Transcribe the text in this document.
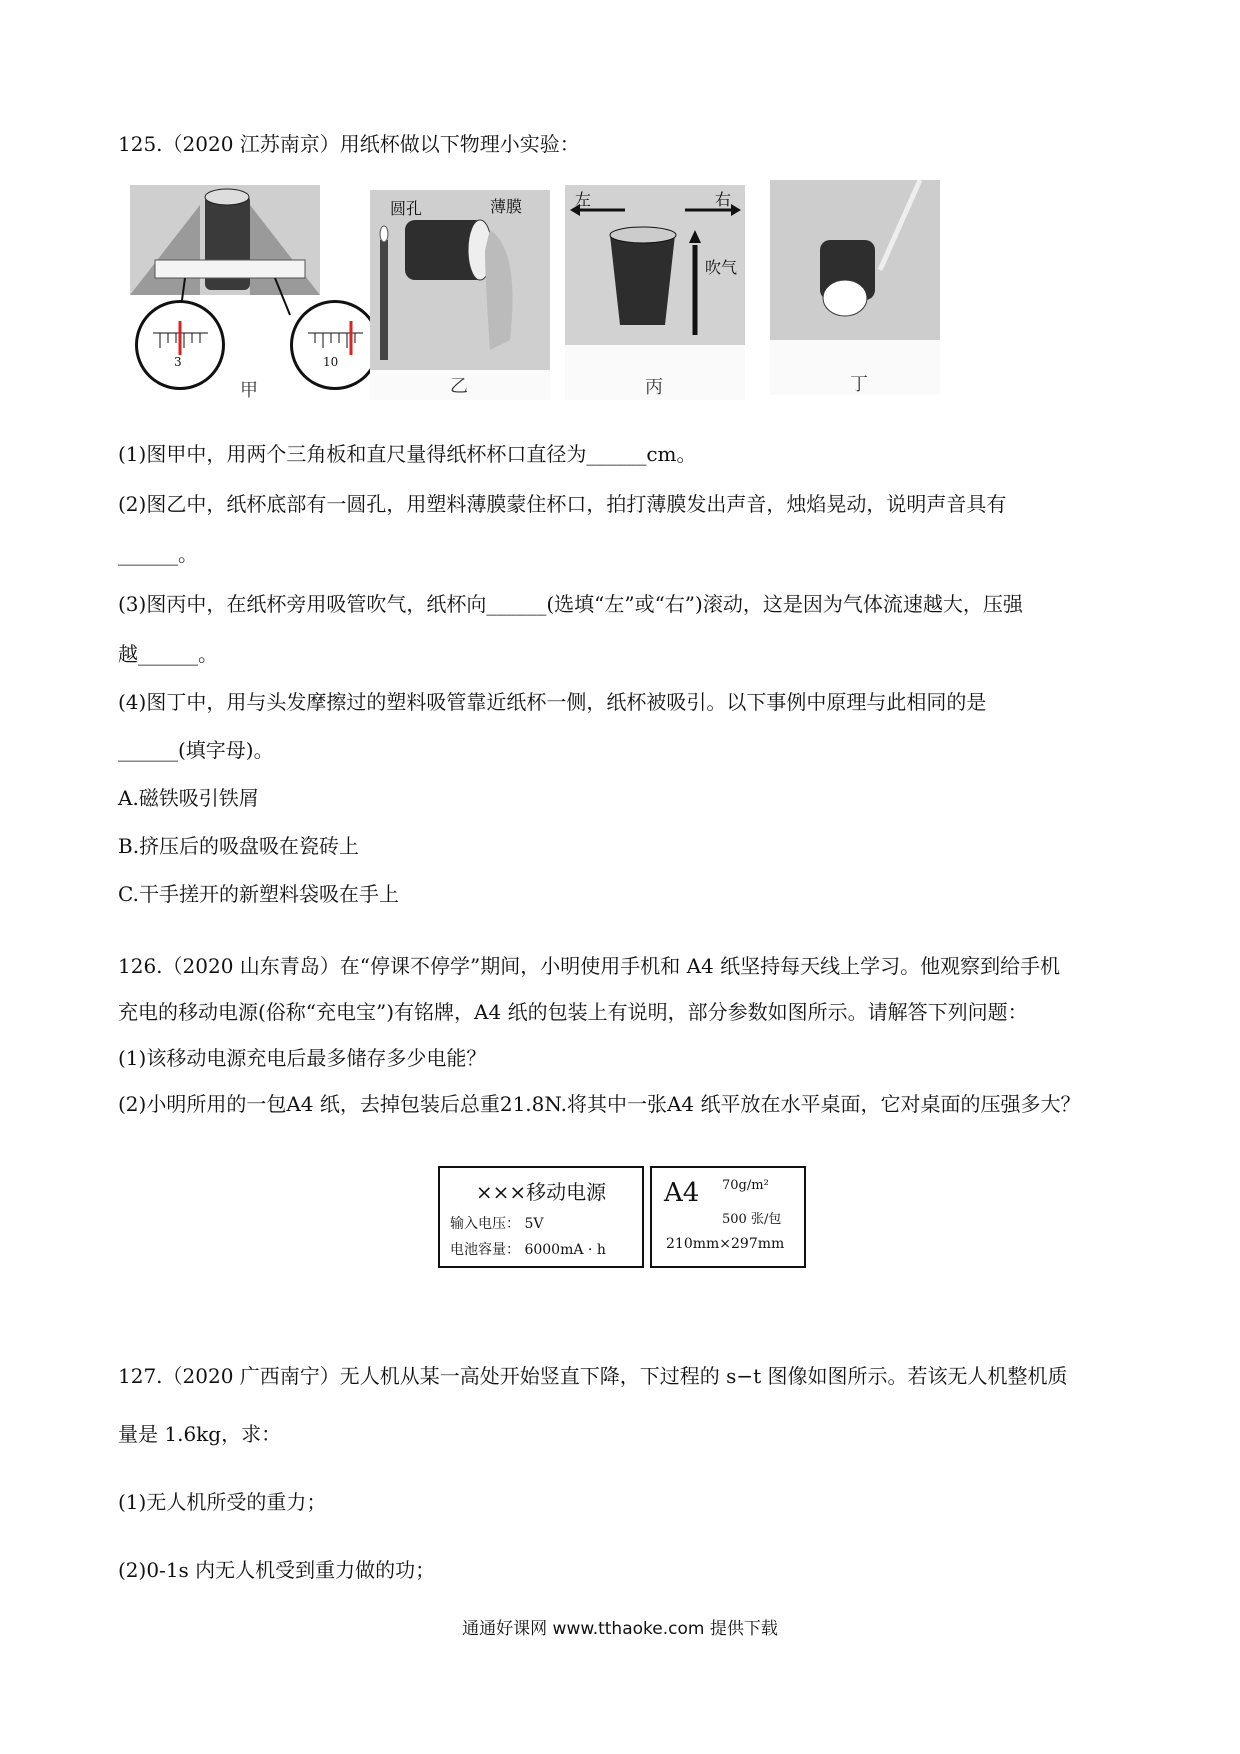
125.（2020 江苏南京）用纸杯做以下物理小实验：
3
甲
10
圆孔	薄膜
乙
左	右
吹气
丙	丁
(1)图甲中，用两个三角板和直尺量得纸杯杯口直径为______cm。
(2)图乙中，纸杯底部有一圆孔，用塑料薄膜蒙住杯口，拍打薄膜发出声音，烛焰晃动，说明声音具有
______。
(3)图丙中，在纸杯旁用吸管吹气，纸杯向______(选填“左”或“右”)滚动，这是因为气体流速越大，压强
越______。
(4)图丁中，用与头发摩擦过的塑料吸管靠近纸杯一侧，纸杯被吸引。以下事例中原理与此相同的是
______(填字母)。
A.磁铁吸引铁屑
B.挤压后的吸盘吸在瓷砖上
C.干手搓开的新塑料袋吸在手上
126.（2020 山东青岛）在“停课不停学”期间，小明使用手机和 A4 纸坚持每天线上学习。他观察到给手机
充电的移动电源(俗称“充电宝”)有铭牌，A4 纸的包装上有说明，部分参数如图所示。请解答下列问题：
(1)该移动电源充电后最多储存多少电能？
(2)小明所用的一包A4 纸，去掉包装后总重21.8N.将其中一张A4 纸平放在水平桌面，它对桌面的压强多大？
×××移动电源
输入电压： 5V
电池容量： 6000mA · h
A4 70g/m²
500 张/包
210mm×297mm
127.（2020 广西南宁）无人机从某一高处开始竖直下降，下过程的 s−t 图像如图所示。若该无人机整机质
量是 1.6kg，求：
(1)无人机所受的重力；
(2)0-1s 内无人机受到重力做的功；
通通好课网 www.tthaoke.com 提供下载
